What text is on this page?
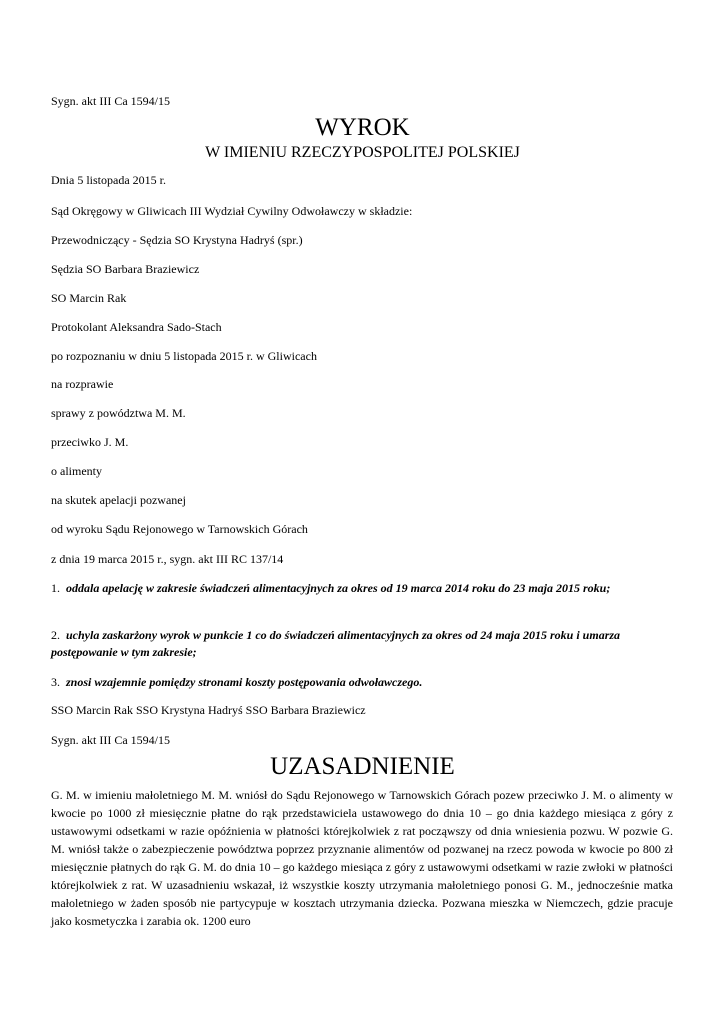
Sygn. akt III Ca 1594/15
WYROK
W IMIENIU RZECZYPOSPOLITEJ POLSKIEJ
Dnia 5 listopada 2015 r.
Sąd Okręgowy w Gliwicach III Wydział Cywilny Odwoławczy w składzie:
Przewodniczący - Sędzia SO Krystyna Hadryś (spr.)
Sędzia SO Barbara Braziewicz
SO Marcin Rak
Protokolant Aleksandra Sado-Stach
po rozpoznaniu w dniu 5 listopada 2015 r. w Gliwicach
na rozprawie
sprawy z powództwa M. M.
przeciwko J. M.
o alimenty
na skutek apelacji pozwanej
od wyroku Sądu Rejonowego w Tarnowskich Górach
z dnia 19 marca 2015 r., sygn. akt III RC 137/14
1. oddala apelację w zakresie świadczeń alimentacyjnych za okres od 19 marca 2014 roku do 23 maja 2015 roku;
2. uchyla zaskarżony wyrok w punkcie 1 co do świadczeń alimentacyjnych za okres od 24 maja 2015 roku i umarza postępowanie w tym zakresie;
3. znosi wzajemnie pomiędzy stronami koszty postępowania odwoławczego.
SSO Marcin Rak SSO Krystyna Hadryś SSO Barbara Braziewicz
Sygn. akt III Ca 1594/15
UZASADNIENIE
G. M. w imieniu małoletniego M. M. wniósł do Sądu Rejonowego w Tarnowskich Górach pozew przeciwko J. M. o alimenty w kwocie po 1000 zł miesięcznie płatne do rąk przedstawiciela ustawowego do dnia 10 – go dnia każdego miesiąca z góry z ustawowymi odsetkami w razie opóźnienia w płatności którejkolwiek z rat począwszy od dnia wniesienia pozwu. W pozwie G. M. wniósł także o zabezpieczenie powództwa poprzez przyznanie alimentów od pozwanej na rzecz powoda w kwocie po 800 zł miesięcznie płatnych do rąk G. M. do dnia 10 – go każdego miesiąca z góry z ustawowymi odsetkami w razie zwłoki w płatności którejkolwiek z rat. W uzasadnieniu wskazał, iż wszystkie koszty utrzymania małoletniego ponosi G. M., jednocześnie matka małoletniego w żaden sposób nie partycypuje w kosztach utrzymania dziecka. Pozwana mieszka w Niemczech, gdzie pracuje jako kosmetyczka i zarabia ok. 1200 euro
